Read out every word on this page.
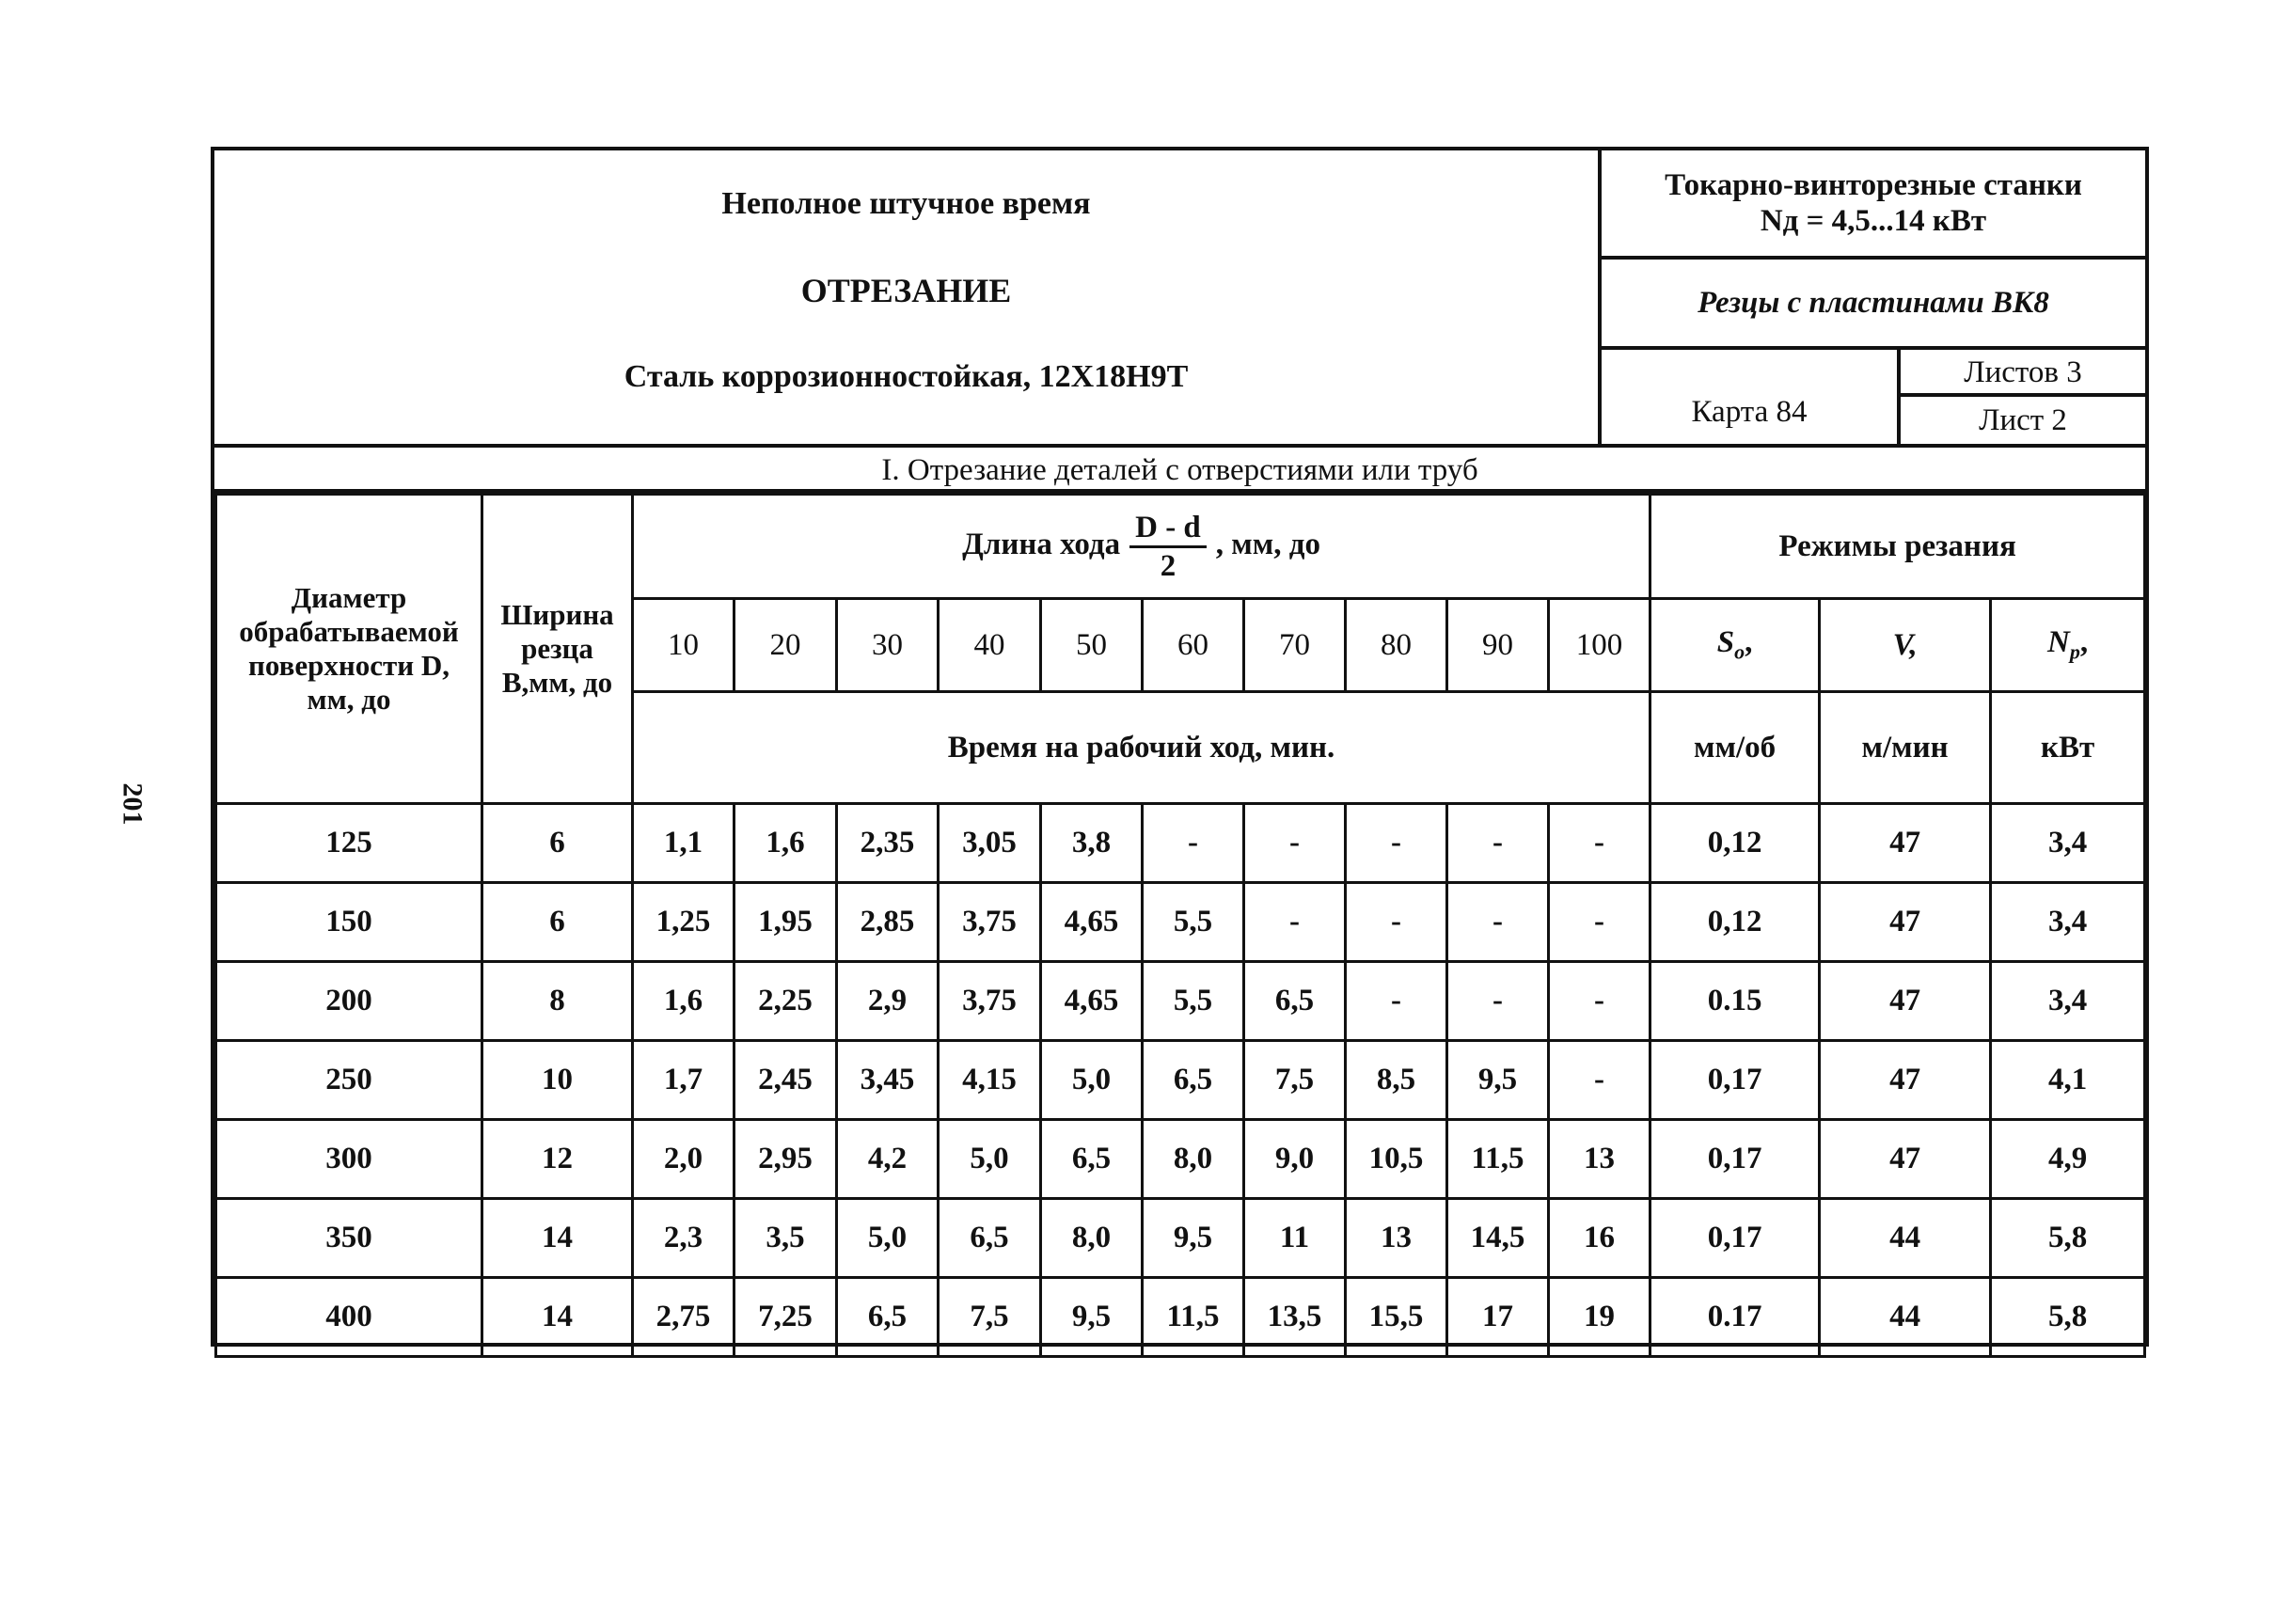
201
Неполное штучное время
ОТРЕЗАНИЕ
Сталь коррозионностойкая, 12Х18Н9Т
Токарно-винторезные станки
Nд = 4,5...14 кВт
Резцы с пластинами ВК8
Карта 84
Листов 3
Лист 2
I. Отрезание деталей с отверстиями или труб
Диаметр обрабатываемой поверхности D, мм, до	Ширина резца В,мм, до	Длина хода $\frac{D - d}{2}$ , мм, до										Режимы резания		
		10	20	30	40	50	60	70	80	90	100	$S_o$,	V,	$N_р$,
		Время на рабочий ход, мин.										мм/об	м/мин	кВт
125	6	1,1	1,6	2,35	3,05	3,8	-	-	-	-	-	0,12	47	3,4
150	6	1,25	1,95	2,85	3,75	4,65	5,5	-	-	-	-	0,12	47	3,4
200	8	1,6	2,25	2,9	3,75	4,65	5,5	6,5	-	-	-	0.15	47	3,4
250	10	1,7	2,45	3,45	4,15	5,0	6,5	7,5	8,5	9,5	-	0,17	47	4,1
300	12	2,0	2,95	4,2	5,0	6,5	8,0	9,0	10,5	11,5	13	0,17	47	4,9
350	14	2,3	3,5	5,0	6,5	8,0	9,5	11	13	14,5	16	0,17	44	5,8
400	14	2,75	7,25	6,5	7,5	9,5	11,5	13,5	15,5	17	19	0.17	44	5,8
